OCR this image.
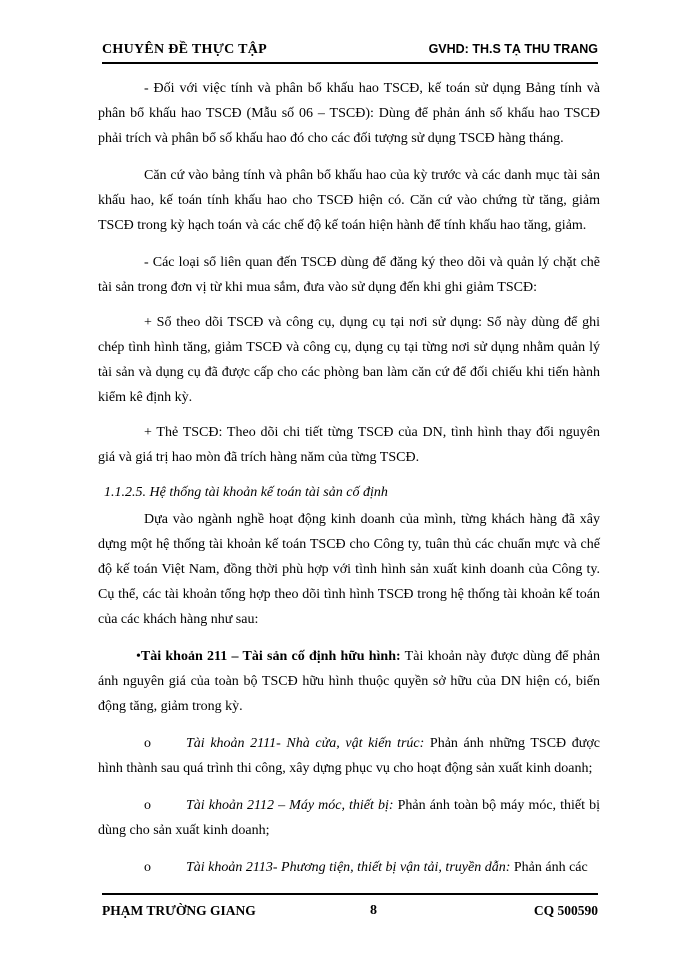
CHUYÊN ĐỀ THỰC TẬP	GVHD: TH.S TẠ THU TRANG

- Đối với việc tính và phân bổ khấu hao TSCĐ, kế toán sử dụng Bảng tính và phân bổ khấu hao TSCĐ (Mẫu số 06 – TSCĐ): Dùng để phản ánh số khấu hao TSCĐ phải trích và phân bổ số khấu hao đó cho các đối tượng sử dụng TSCĐ hàng tháng.

Căn cứ vào bảng tính và phân bổ khấu hao của kỳ trước và các danh mục tài sản khấu hao, kế toán tính khấu hao cho TSCĐ hiện có. Căn cứ vào chứng từ tăng, giảm TSCĐ trong kỳ hạch toán và các chế độ kế toán hiện hành để tính khấu hao tăng, giảm.

- Các loại sổ liên quan đến TSCĐ dùng để đăng ký theo dõi và quản lý chặt chẽ tài sản trong đơn vị từ khi mua sắm, đưa vào sử dụng đến khi ghi giảm TSCĐ:

+ Sổ theo dõi TSCĐ và công cụ, dụng cụ tại nơi sử dụng: Sổ này dùng để ghi chép tình hình tăng, giảm TSCĐ và công cụ, dụng cụ tại từng nơi sử dụng nhằm quản lý tài sản và dụng cụ đã được cấp cho các phòng ban làm căn cứ để đối chiếu khi tiến hành kiểm kê định kỳ.

+ Thẻ TSCĐ: Theo dõi chi tiết từng TSCĐ của DN, tình hình thay đổi nguyên giá và giá trị hao mòn đã trích hàng năm của từng TSCĐ.

1.1.2.5. Hệ thống tài khoản kế toán tài sản cố định

Dựa vào ngành nghề hoạt động kinh doanh của mình, từng khách hàng đã xây dựng một hệ thống tài khoản kế toán TSCĐ cho Công ty, tuân thủ các chuẩn mực và chế độ kế toán Việt Nam, đồng thời phù hợp với tình hình sản xuất kinh doanh của Công ty. Cụ thể, các tài khoản tổng hợp theo dõi tình hình TSCĐ trong hệ thống tài khoản kế toán của các khách hàng như sau:

•Tài khoản 211 – Tài sản cố định hữu hình: Tài khoản này được dùng để phản ánh nguyên giá của toàn bộ TSCĐ hữu hình thuộc quyền sở hữu của DN hiện có, biến động tăng, giảm trong kỳ.

o	Tài khoản 2111- Nhà cửa, vật kiến trúc: Phản ánh những TSCĐ được hình thành sau quá trình thi công, xây dựng phục vụ cho hoạt động sản xuất kinh doanh;

o	Tài khoản 2112 – Máy móc, thiết bị: Phản ánh toàn bộ máy móc, thiết bị dùng cho sản xuất kinh doanh;

o	Tài khoản 2113- Phương tiện, thiết bị vận tải, truyền dẫn: Phản ánh các

PHẠM TRƯỜNG GIANG	8	CQ 500590
